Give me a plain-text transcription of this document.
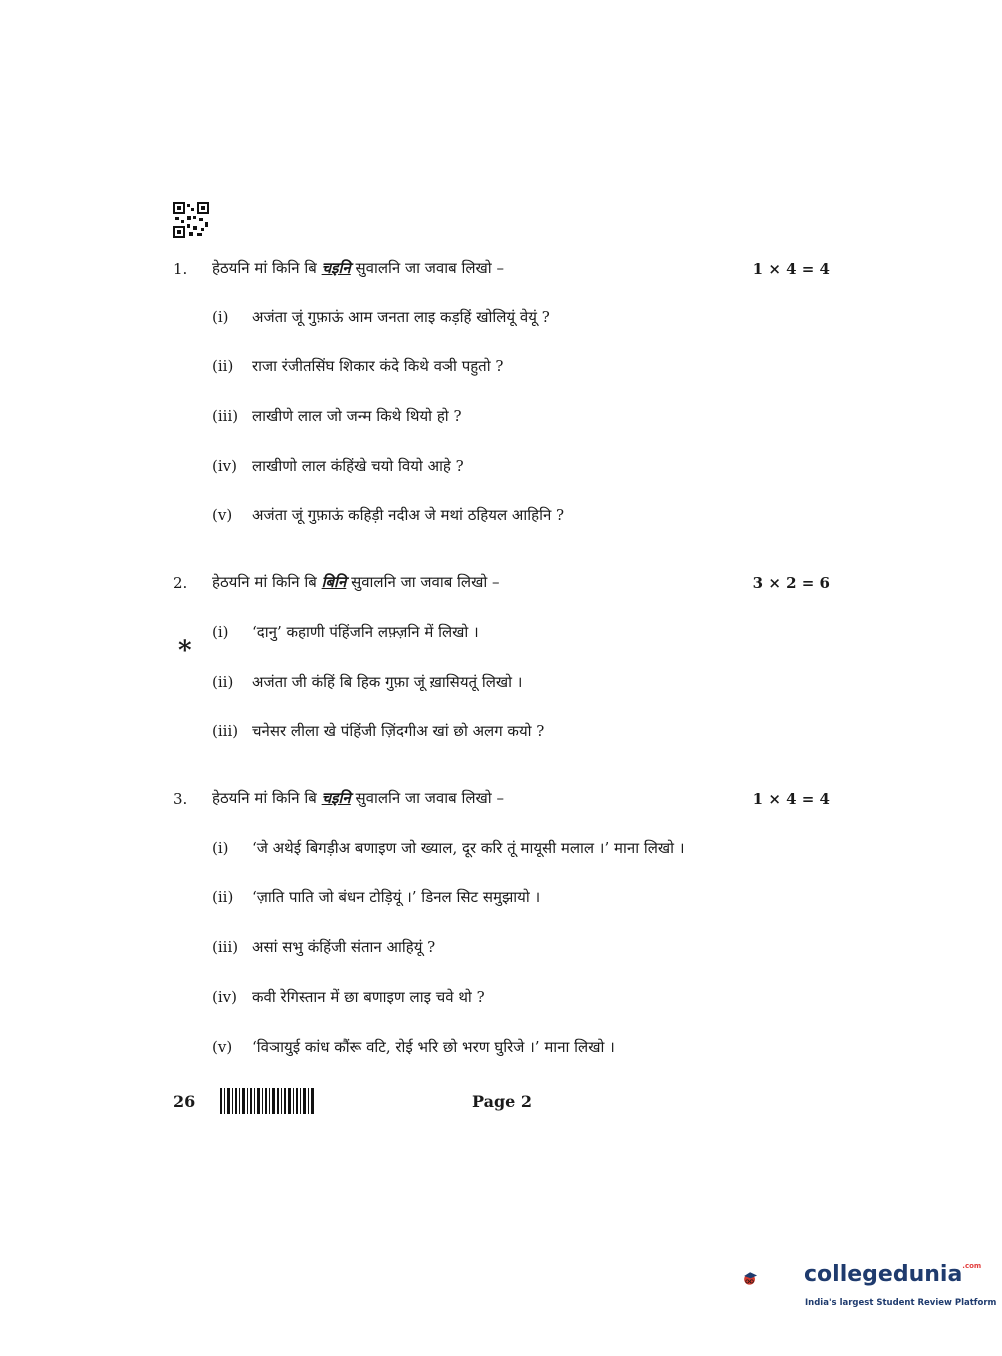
1. हेठयनि मां किनि बि चइनि सुवालनि जा जवाब लिखो –	1 × 4 = 4
(i) अजंता जूं गुफ़ाऊं आम जनता लाइ कड़हिं खोलियूं वेयूं ?
(ii) राजा रंजीतसिंघ शिकार कंदे किथे वञी पहुतो ?
(iii) लाखीणे लाल जो जन्म किथे थियो हो ?
(iv) लाखीणो लाल कंहिंखे चयो वियो आहे ?
(v) अजंता जूं गुफ़ाऊं कहिड़ी नदीअ जे मथां ठहियल आहिनि ?
2. हेठयनि मां किनि बि बिनि सुवालनि जा जवाब लिखो –	3 × 2 = 6
*
(i) ‘दानु’ कहाणी पंहिंजनि लफ़्ज़नि में लिखो ।
(ii) अजंता जी कंहिं बि हिक गुफ़ा जूं ख़ासियतूं लिखो ।
(iii) चनेसर लीला खे पंहिंजी ज़िंदगीअ खां छो अलग कयो ?
3. हेठयनि मां किनि बि चइनि सुवालनि जा जवाब लिखो –	1 × 4 = 4
(i) ‘जे अथेई बिगड़ीअ बणाइण जो ख्याल, दूर करि तूं मायूसी मलाल ।’ माना लिखो ।
(ii) ‘ज़ाति पाति जो बंधन टोड़ियूं ।’ डिनल सिट समुझायो ।
(iii) असां सभु कंहिंजी संतान आहियूं ?
(iv) कवी रेगिस्तान में छा बणाइण लाइ चवे थो ?
(v) ‘विञायुई कांध कौंरू वटि, रोई भरि छो भरण घुरिजे ।’ माना लिखो ।
26	Page 2
collegedunia$^{.com}$
India's largest Student Review Platform
